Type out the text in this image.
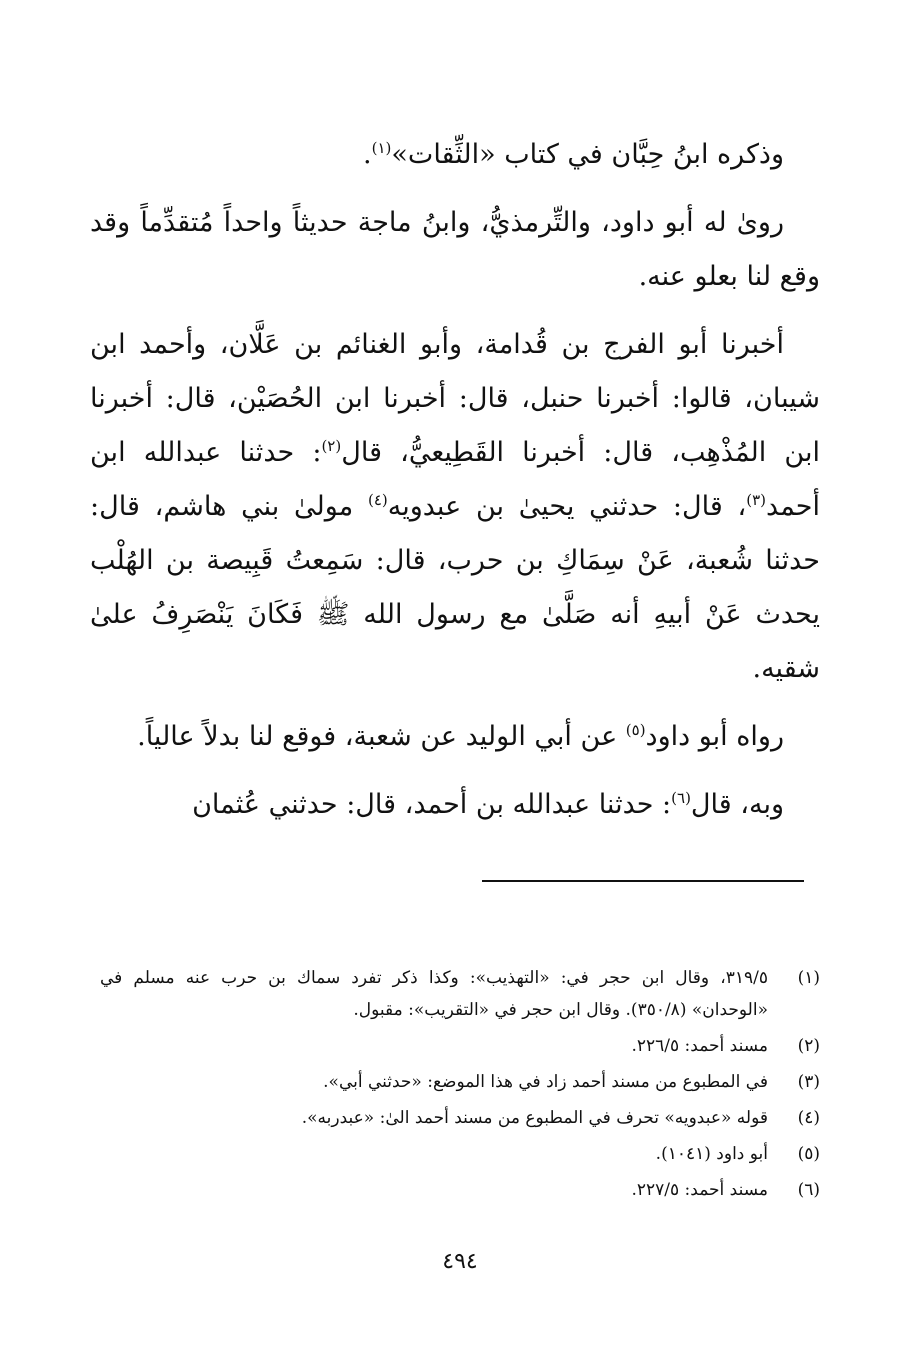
وذكره ابنُ حِبَّان في كتاب «الثِّقات»$^{(١)}$.

روىٰ له أبو داود، والتِّرمذيُّ، وابنُ ماجة حديثاً واحداً مُتقدِّماً وقد وقع لنا بعلو عنه.

أخبرنا أبو الفرج بن قُدامة، وأبو الغنائم بن عَلَّان، وأحمد ابن شيبان، قالوا: أخبرنا حنبل، قال: أخبرنا ابن الحُصَيْن، قال: أخبرنا ابن المُذْهِب، قال: أخبرنا القَطِيعيُّ، قال$^{(٢)}$: حدثنا عبدالله ابن أحمد$^{(٣)}$، قال: حدثني يحيىٰ بن عبدويه$^{(٤)}$ مولىٰ بني هاشم، قال: حدثنا شُعبة، عَنْ سِمَاكِ بن حرب، قال: سَمِعتُ قَبِيصة بن الهُلْب يحدث عَنْ أبيهِ أنه صَلَّىٰ مع رسول الله ﷺ فَكَانَ يَنْصَرِفُ علىٰ شقيه.

رواه أبو داود$^{(٥)}$ عن أبي الوليد عن شعبة، فوقع لنا بدلاً عالياً.

وبه، قال$^{(٦)}$: حدثنا عبدالله بن أحمد، قال: حدثني عُثمان

(١)
٣١٩/٥، وقال ابن حجر في: «التهذيب»: وكذا ذكر تفرد سماك بن حرب عنه مسلم في «الوحدان» (٣٥٠/٨). وقال ابن حجر في «التقريب»: مقبول.
(٢)
مسند أحمد: ٢٢٦/٥.
(٣)
في المطبوع من مسند أحمد زاد في هذا الموضع: «حدثني أبي».
(٤)
قوله «عبدويه» تحرف في المطبوع من مسند أحمد الىٰ: «عبدربه».
(٥)
أبو داود (١٠٤١).
(٦)
مسند أحمد: ٢٢٧/٥.
٤٩٤
